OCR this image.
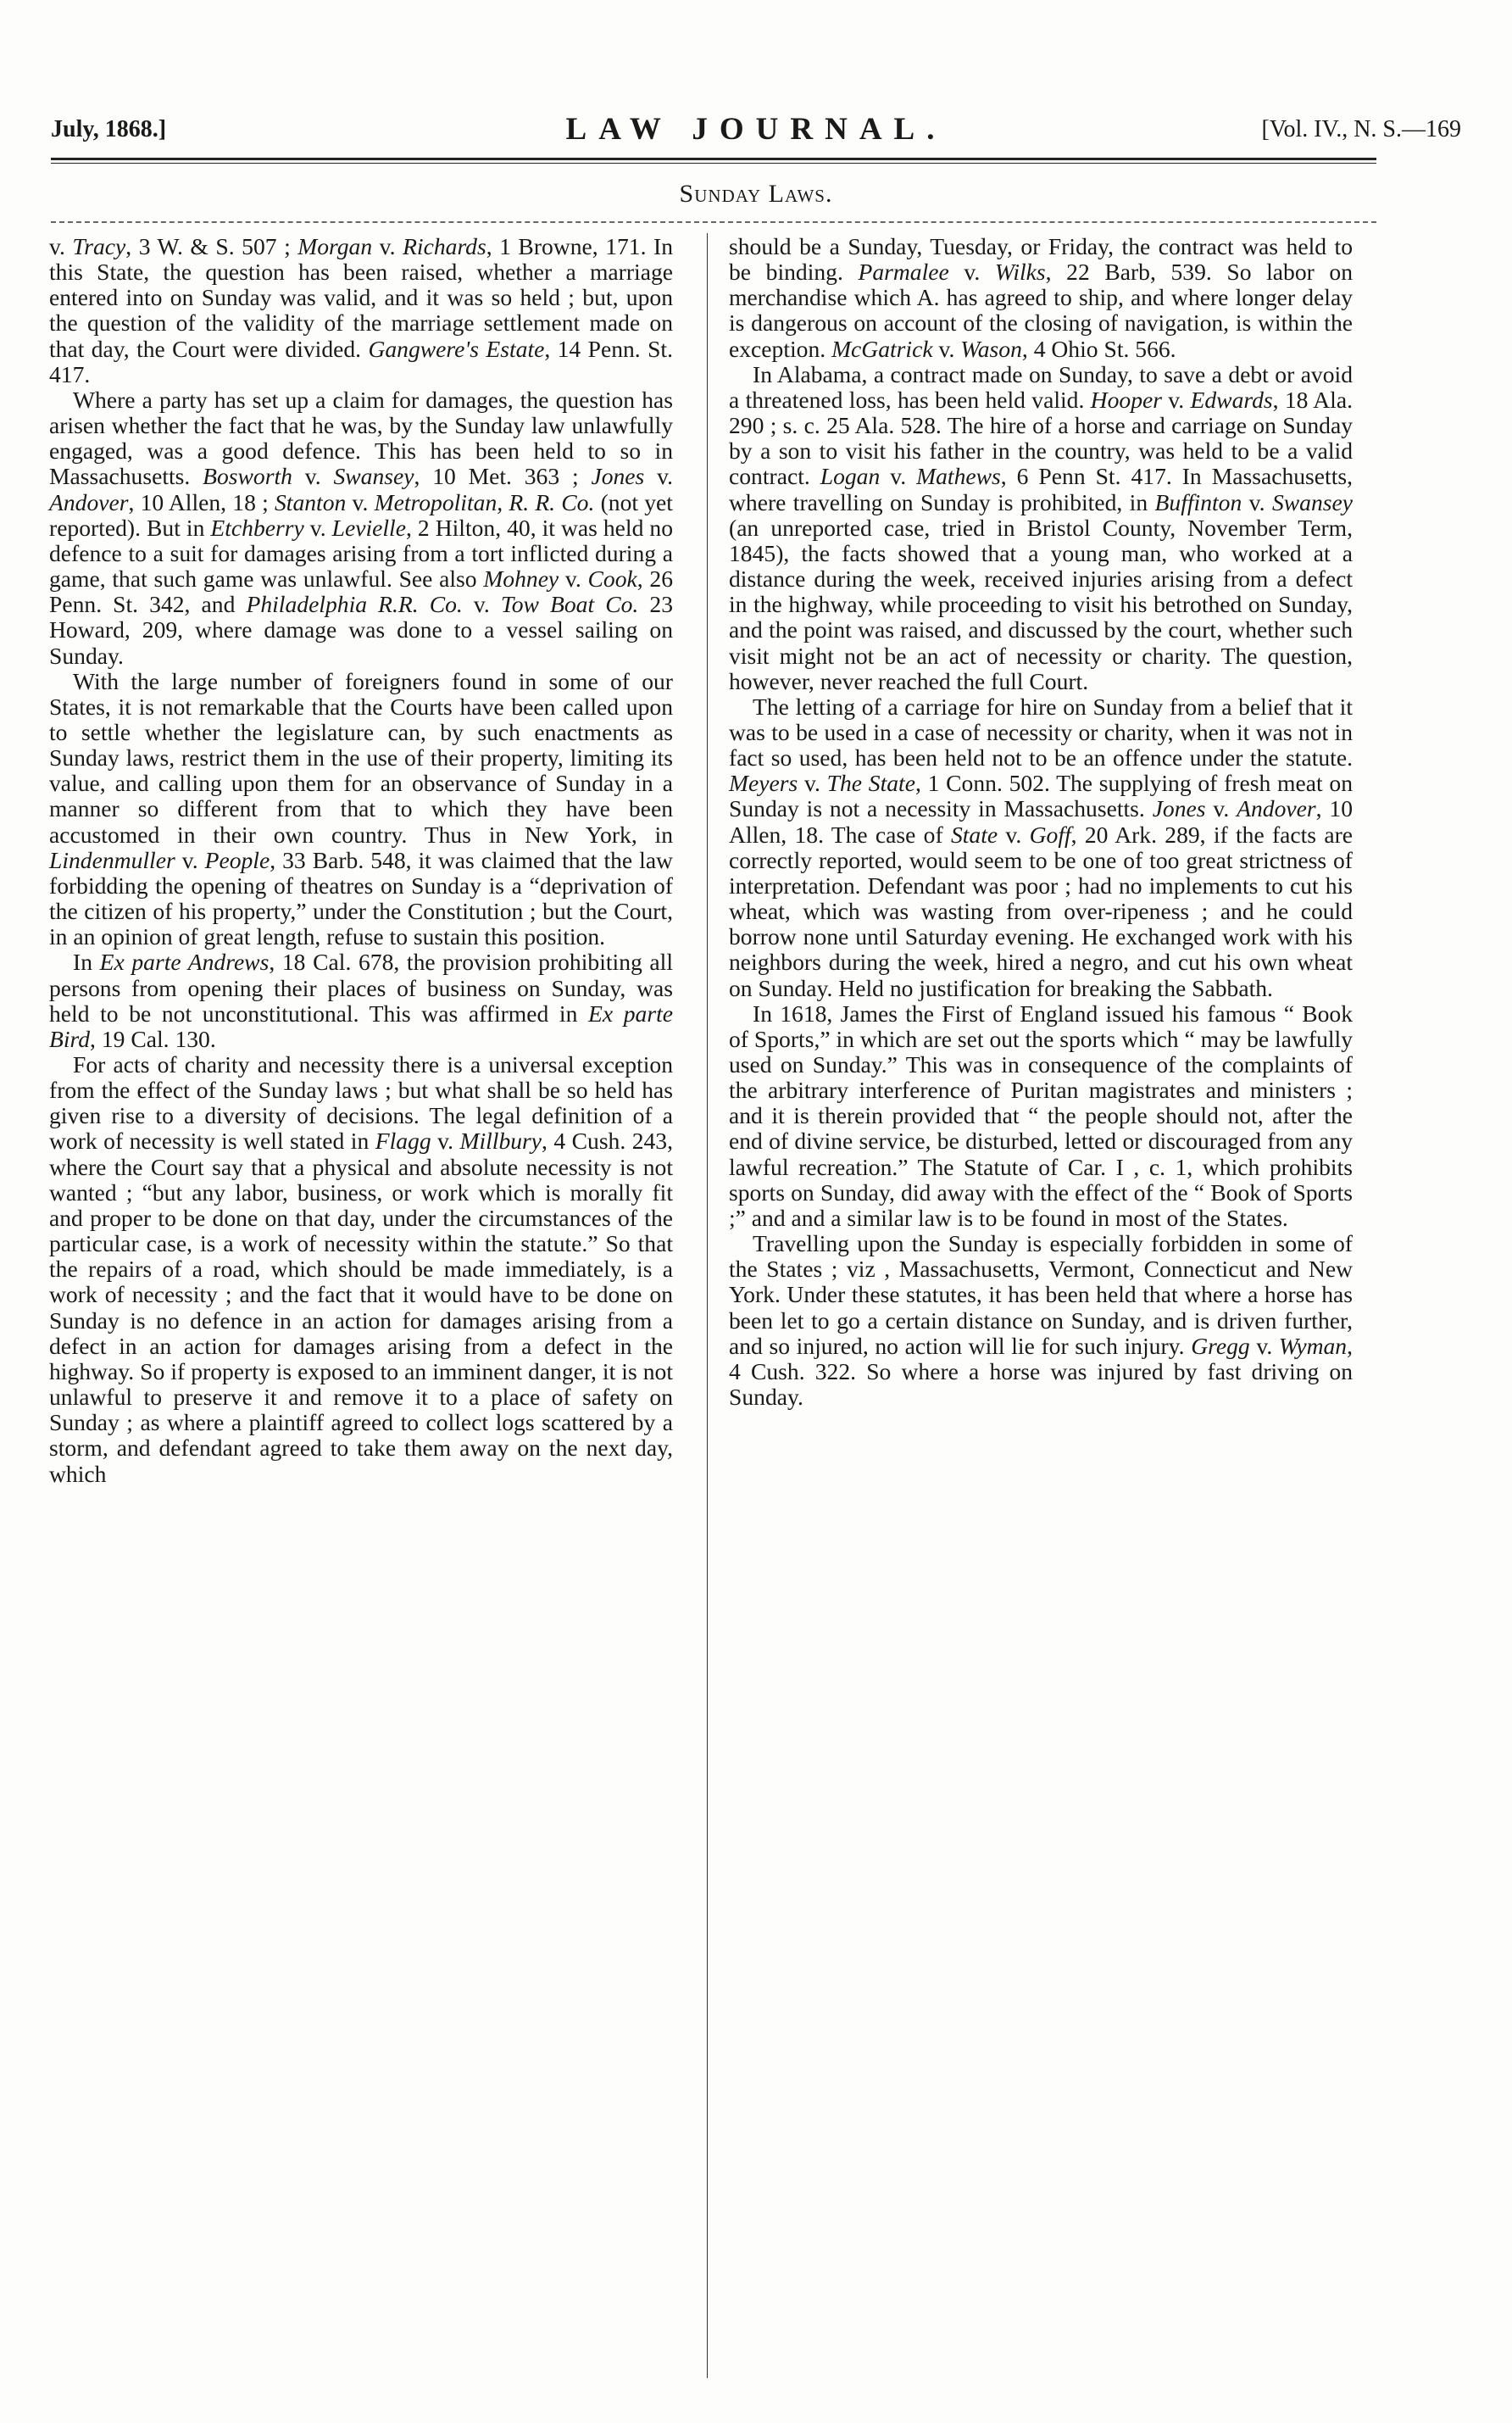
July, 1868.]	LAW JOURNAL.	[Vol. IV., N. S.—169
Sunday Laws.

v. Tracy, 3 W. & S. 507 ; Morgan v. Richards, 1 Browne, 171. In this State, the question has been raised, whether a marriage entered into on Sunday was valid, and it was so held ; but, upon the question of the validity of the marriage settlement made on that day, the Court were divided. Gangwere's Estate, 14 Penn. St. 417.

Where a party has set up a claim for damages, the question has arisen whether the fact that he was, by the Sunday law unlawfully engaged, was a good defence. This has been held to so in Massachusetts. Bosworth v. Swansey, 10 Met. 363 ; Jones v. Andover, 10 Allen, 18 ; Stanton v. Metropolitan, R. R. Co. (not yet reported). But in Etchberry v. Levielle, 2 Hilton, 40, it was held no defence to a suit for damages arising from a tort inflicted during a game, that such game was unlawful. See also Mohney v. Cook, 26 Penn. St. 342, and Philadelphia R.R. Co. v. Tow Boat Co. 23 Howard, 209, where damage was done to a vessel sailing on Sunday.

With the large number of foreigners found in some of our States, it is not remarkable that the Courts have been called upon to settle whether the legislature can, by such enactments as Sunday laws, restrict them in the use of their property, limiting its value, and calling upon them for an observance of Sunday in a manner so different from that to which they have been accustomed in their own country. Thus in New York, in Lindenmuller v. People, 33 Barb. 548, it was claimed that the law forbidding the opening of theatres on Sunday is a “deprivation of the citizen of his property,” under the Constitution ; but the Court, in an opinion of great length, refuse to sustain this position.

In Ex parte Andrews, 18 Cal. 678, the provision prohibiting all persons from opening their places of business on Sunday, was held to be not unconstitutional. This was affirmed in Ex parte Bird, 19 Cal. 130.

For acts of charity and necessity there is a universal exception from the effect of the Sunday laws ; but what shall be so held has given rise to a diversity of decisions. The legal definition of a work of necessity is well stated in Flagg v. Millbury, 4 Cush. 243, where the Court say that a physical and absolute necessity is not wanted ; “but any labor, business, or work which is morally fit and proper to be done on that day, under the circumstances of the particular case, is a work of necessity within the statute.” So that the repairs of a road, which should be made immediately, is a work of necessity ; and the fact that it would have to be done on Sunday is no defence in an action for damages arising from a defect in an action for damages arising from a defect in the highway. So if property is exposed to an imminent danger, it is not unlawful to preserve it and remove it to a place of safety on Sunday ; as where a plaintiff agreed to collect logs scattered by a storm, and defendant agreed to take them away on the next day, which

should be a Sunday, Tuesday, or Friday, the contract was held to be binding. Parmalee v. Wilks, 22 Barb, 539. So labor on merchandise which A. has agreed to ship, and where longer delay is dangerous on account of the closing of navigation, is within the exception. McGatrick v. Wason, 4 Ohio St. 566.

In Alabama, a contract made on Sunday, to save a debt or avoid a threatened loss, has been held valid. Hooper v. Edwards, 18 Ala. 290 ; s. c. 25 Ala. 528. The hire of a horse and carriage on Sunday by a son to visit his father in the country, was held to be a valid contract. Logan v. Mathews, 6 Penn St. 417. In Massachusetts, where travelling on Sunday is prohibited, in Buffinton v. Swansey (an unreported case, tried in Bristol County, November Term, 1845), the facts showed that a young man, who worked at a distance during the week, received injuries arising from a defect in the highway, while proceeding to visit his betrothed on Sunday, and the point was raised, and discussed by the court, whether such visit might not be an act of necessity or charity. The question, however, never reached the full Court.

The letting of a carriage for hire on Sunday from a belief that it was to be used in a case of necessity or charity, when it was not in fact so used, has been held not to be an offence under the statute. Meyers v. The State, 1 Conn. 502. The supplying of fresh meat on Sunday is not a necessity in Massachusetts. Jones v. Andover, 10 Allen, 18. The case of State v. Goff, 20 Ark. 289, if the facts are correctly reported, would seem to be one of too great strictness of interpretation. Defendant was poor ; had no implements to cut his wheat, which was wasting from over-ripeness ; and he could borrow none until Saturday evening. He exchanged work with his neighbors during the week, hired a negro, and cut his own wheat on Sunday. Held no justification for breaking the Sabbath.

In 1618, James the First of England issued his famous “ Book of Sports,” in which are set out the sports which “ may be lawfully used on Sunday.” This was in consequence of the complaints of the arbitrary interference of Puritan magistrates and ministers ; and it is therein provided that “ the people should not, after the end of divine service, be disturbed, letted or discouraged from any lawful recreation.” The Statute of Car. I , c. 1, which prohibits sports on Sunday, did away with the effect of the “ Book of Sports ;” and and a similar law is to be found in most of the States.

Travelling upon the Sunday is especially forbidden in some of the States ; viz , Massachusetts, Vermont, Connecticut and New York. Under these statutes, it has been held that where a horse has been let to go a certain distance on Sunday, and is driven further, and so injured, no action will lie for such injury. Gregg v. Wyman, 4 Cush. 322. So where a horse was injured by fast driving on Sunday.
